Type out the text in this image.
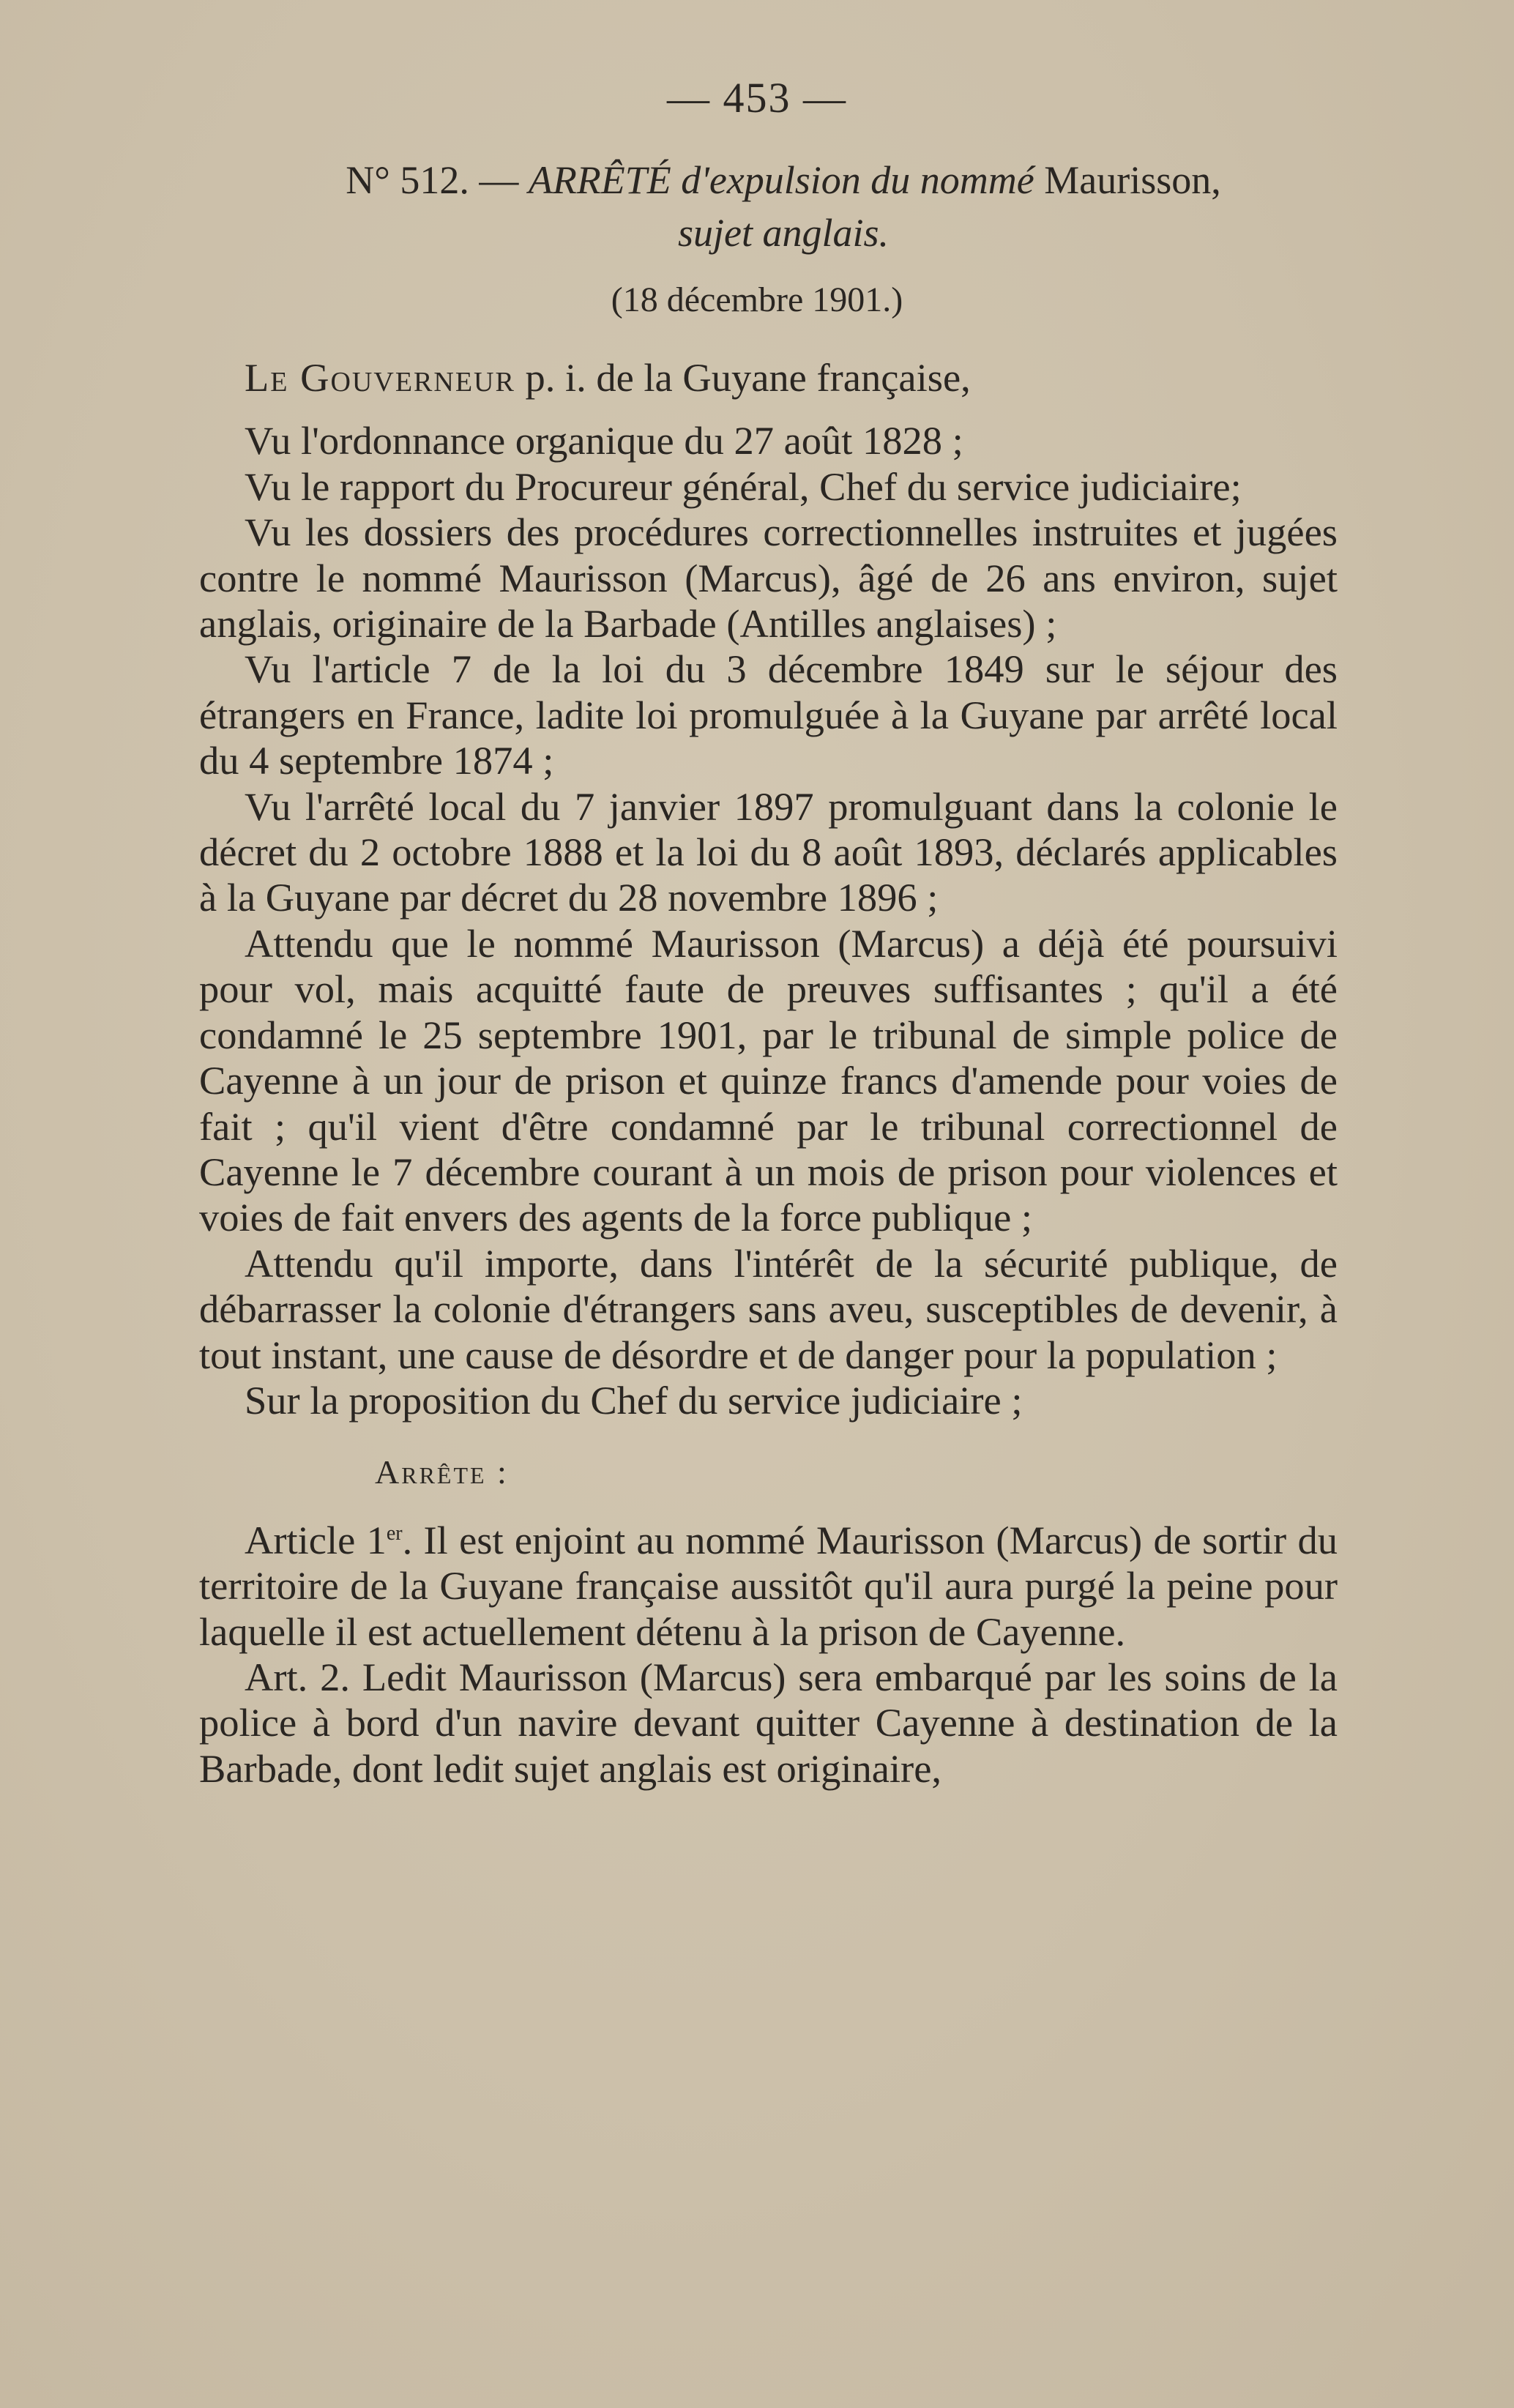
— 453 —
N° 512. — ARRÊTÉ d'expulsion du nommé Maurisson,
sujet anglais.
(18 décembre 1901.)

Le Gouverneur p. i. de la Guyane française,

Vu l'ordonnance organique du 27 août 1828 ;

Vu le rapport du Procureur général, Chef du service judiciaire;

Vu les dossiers des procédures correctionnelles instruites et jugées contre le nommé Maurisson (Marcus), âgé de 26 ans environ, sujet anglais, originaire de la Barbade (Antilles anglaises) ;

Vu l'article 7 de la loi du 3 décembre 1849 sur le séjour des étrangers en France, ladite loi promulguée à la Guyane par arrêté local du 4 septembre 1874 ;

Vu l'arrêté local du 7 janvier 1897 promulguant dans la colonie le décret du 2 octobre 1888 et la loi du 8 août 1893, déclarés applicables à la Guyane par décret du 28 novembre 1896 ;

Attendu que le nommé Maurisson (Marcus) a déjà été poursuivi pour vol, mais acquitté faute de preuves suffisantes ; qu'il a été condamné le 25 septembre 1901, par le tribunal de simple police de Cayenne à un jour de prison et quinze francs d'amende pour voies de fait ; qu'il vient d'être condamné par le tribunal correctionnel de Cayenne le 7 décembre courant à un mois de prison pour violences et voies de fait envers des agents de la force publique ;

Attendu qu'il importe, dans l'intérêt de la sécurité publique, de débarrasser la colonie d'étrangers sans aveu, susceptibles de devenir, à tout instant, une cause de désordre et de danger pour la population ;

Sur la proposition du Chef du service judiciaire ;

Arrête :

Article 1er. Il est enjoint au nommé Maurisson (Marcus) de sortir du territoire de la Guyane française aussitôt qu'il aura purgé la peine pour laquelle il est actuellement détenu à la prison de Cayenne.

Art. 2. Ledit Maurisson (Marcus) sera embarqué par les soins de la police à bord d'un navire devant quitter Cayenne à destination de la Barbade, dont ledit sujet anglais est originaire,
